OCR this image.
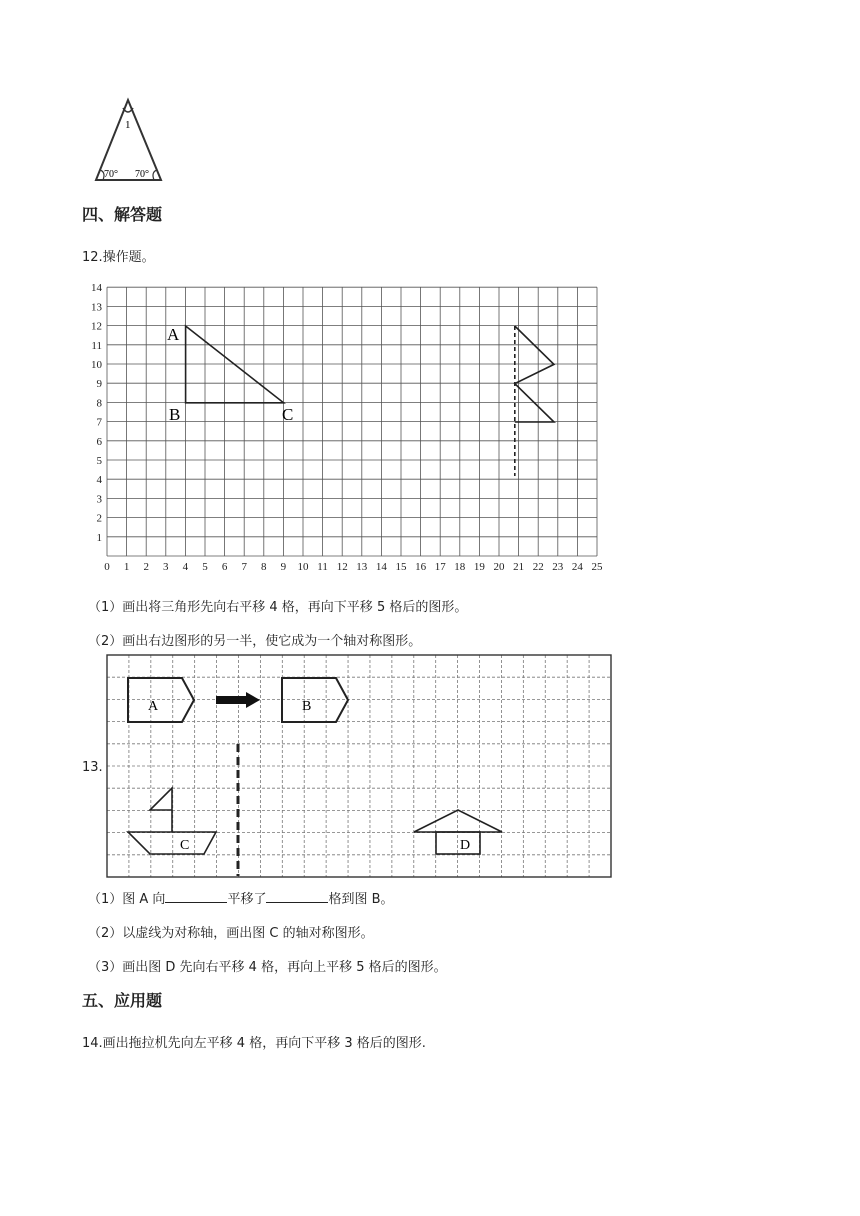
1
70° 70°
四、解答题
12.操作题。
0 1 2 3 4 5 6 7 8 9 10 11 12 13 14 15 16 17 18 19 20 21 22 23 24 25
1
2
3
4
5
6
7
8
9
10
11
12
13
14
A
B	C
（1）画出将三角形先向右平移 4 格，再向下平移 5 格后的图形。
（2）画出右边图形的另一半，使它成为一个轴对称图形。
13.
A	B
C	D
（1）图 A 向	平移了	格到图 B。
（2）以虚线为对称轴，画出图 C 的轴对称图形。
（3）画出图 D 先向右平移 4 格，再向上平移 5 格后的图形。
五、应用题
14.画出拖拉机先向左平移 4 格，再向下平移 3 格后的图形.
